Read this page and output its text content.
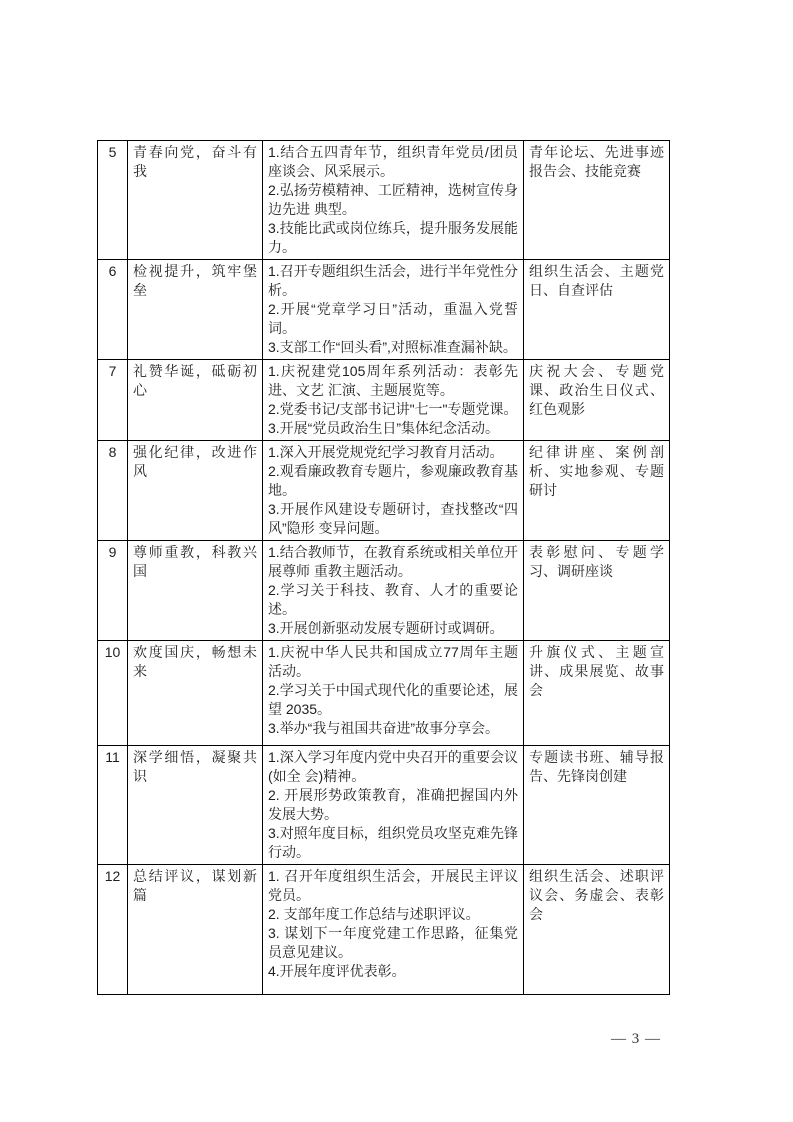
5	青春向党，奋斗有我	1.结合五四青年节，组织青年党员/团员座谈会、风采展示。
2.弘扬劳模精神、工匠精神，选树宣传身边先进 典型。
3.技能比武或岗位练兵，提升服务发展能力。	青年论坛、先进事迹报告会、技能竞赛
6	检视提升，筑牢堡垒	1.召开专题组织生活会，进行半年党性分析。
2.开展“党章学习日”活动，重温入党誓词。
3.支部工作“回头看”,对照标准查漏补缺。	组织生活会、主题党日、自查评估
7	礼赞华诞，砥砺初心	1.庆祝建党105周年系列活动：表彰先进、文艺 汇演、主题展览等。
2.党委书记/支部书记讲"七一"专题党课。
3.开展“党员政治生日”集体纪念活动。	庆祝大会、专题党课、政治生日仪式、红色观影
8	强化纪律，改进作风	1.深入开展党规党纪学习教育月活动。
2.观看廉政教育专题片，参观廉政教育基地。
3.开展作风建设专题研讨，查找整改“四风”隐形 变异问题。	纪律讲座、案例剖析、实地参观、专题研讨
9	尊师重教，科教兴国	1.结合教师节，在教育系统或相关单位开展尊师 重教主题活动。
2.学习关于科技、教育、人才的重要论述。
3.开展创新驱动发展专题研讨或调研。	表彰慰问、专题学习、调研座谈
10	欢度国庆，畅想未来	1.庆祝中华人民共和国成立77周年主题活动。
2.学习关于中国式现代化的重要论述，展望 2035。
3.举办“我与祖国共奋进”故事分享会。	升旗仪式、主题宣讲、成果展览、故事会
11	深学细悟，凝聚共识	1.深入学习年度内党中央召开的重要会议(如全 会)精神。
2. 开展形势政策教育，准确把握国内外发展大势。
3.对照年度目标，组织党员攻坚克难先锋行动。	专题读书班、辅导报告、先锋岗创建
12	总结评议，谋划新篇	1. 召开年度组织生活会，开展民主评议党员。
2. 支部年度工作总结与述职评议。
3. 谋划下一年度党建工作思路，征集党员意见建议。
4.开展年度评优表彰。	组织生活会、述职评议会、务虚会、表彰会
— 3 —
